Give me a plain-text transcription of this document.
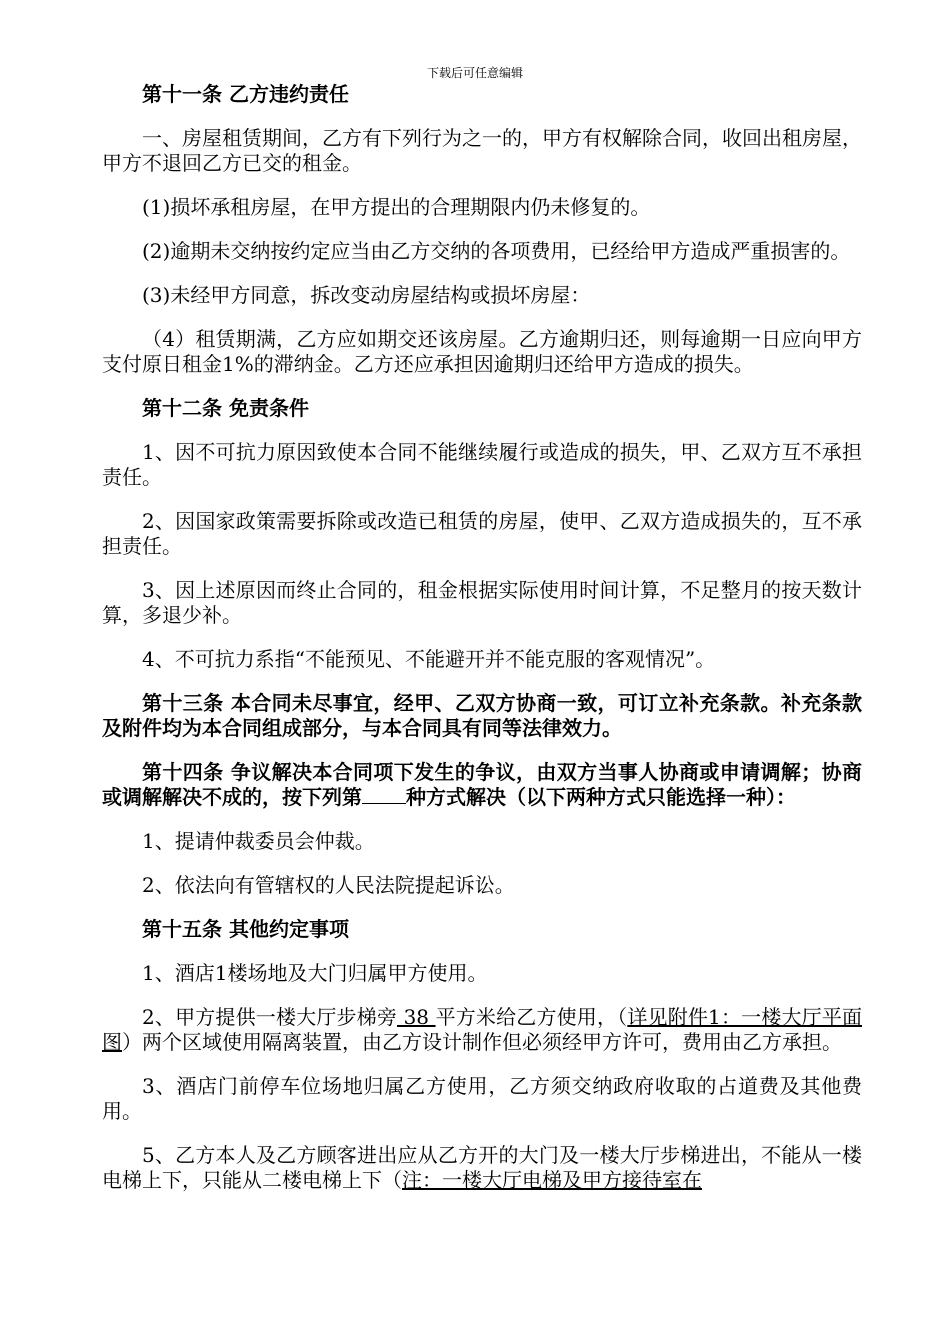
下载后可任意编辑

第十一条 乙方违约责任

一、房屋租赁期间，乙方有下列行为之一的，甲方有权解除合同，收回出租房屋，甲方不退回乙方已交的租金。

(1)损坏承租房屋，在甲方提出的合理期限内仍未修复的。

(2)逾期未交纳按约定应当由乙方交纳的各项费用，已经给甲方造成严重损害的。

(3)未经甲方同意，拆改变动房屋结构或损坏房屋：

（4）租赁期满，乙方应如期交还该房屋。乙方逾期归还，则每逾期一日应向甲方支付原日租金1%的滞纳金。乙方还应承担因逾期归还给甲方造成的损失。

第十二条 免责条件

1、因不可抗力原因致使本合同不能继续履行或造成的损失，甲、乙双方互不承担责任。

2、因国家政策需要拆除或改造已租赁的房屋，使甲、乙双方造成损失的，互不承担责任。

3、因上述原因而终止合同的，租金根据实际使用时间计算，不足整月的按天数计算，多退少补。

4、不可抗力系指“不能预见、不能避开并不能克服的客观情况”。

第十三条 本合同未尽事宜，经甲、乙双方协商一致，可订立补充条款。补充条款及附件均为本合同组成部分，与本合同具有同等法律效力。

第十四条 争议解决本合同项下发生的争议，由双方当事人协商或申请调解；协商或调解解决不成的，按下列第 种方式解决（以下两种方式只能选择一种）：

1、提请仲裁委员会仲裁。

2、依法向有管辖权的人民法院提起诉讼。

第十五条 其他约定事项

1、酒店1楼场地及大门归属甲方使用。

2、甲方提供一楼大厅步梯旁 38 平方米给乙方使用，（详见附件1：一楼大厅平面图）两个区域使用隔离装置，由乙方设计制作但必须经甲方许可，费用由乙方承担。

3、酒店门前停车位场地归属乙方使用，乙方须交纳政府收取的占道费及其他费用。

5、乙方本人及乙方顾客进出应从乙方开的大门及一楼大厅步梯进出，不能从一楼电梯上下，只能从二楼电梯上下（注：一楼大厅电梯及甲方接待室在
